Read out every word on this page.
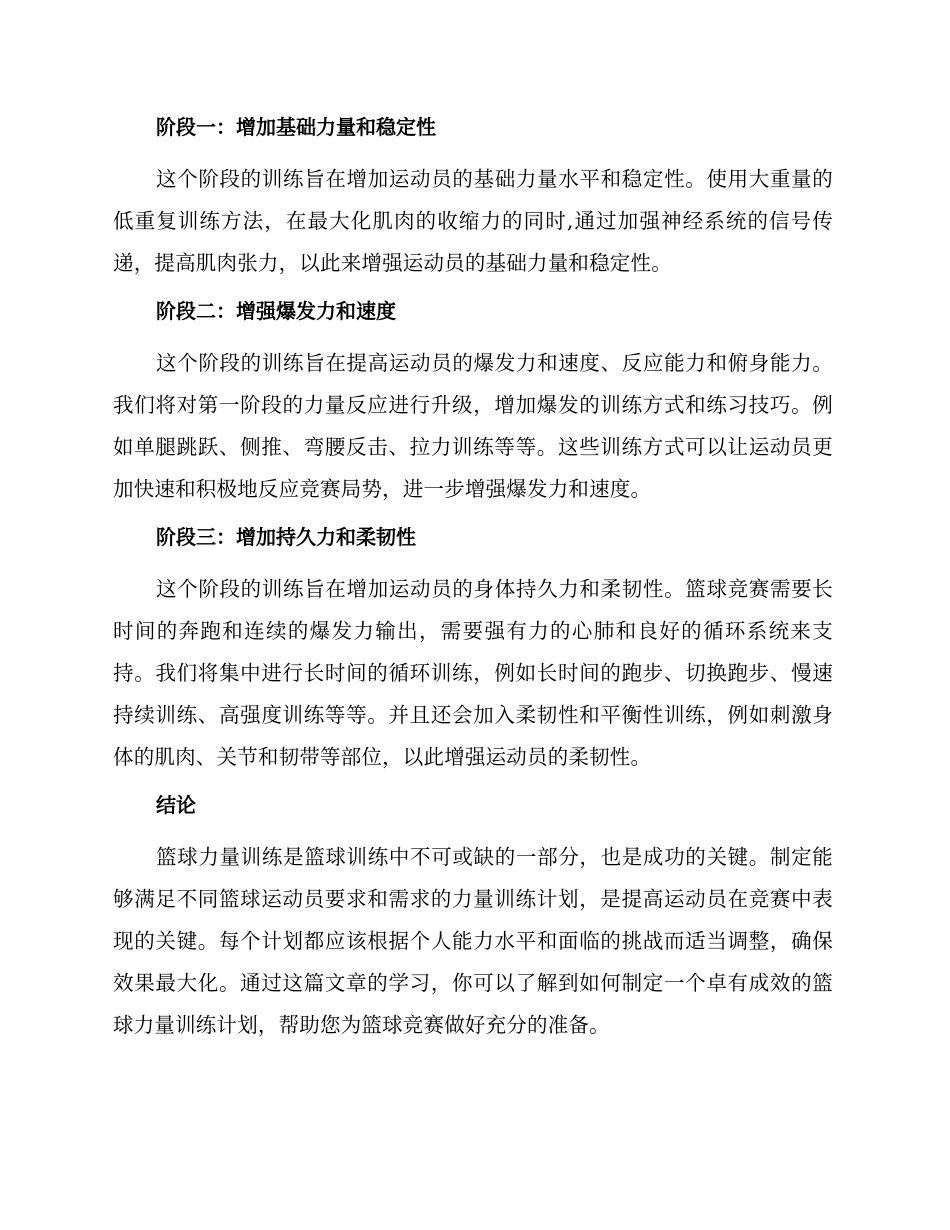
阶段一：增加基础力量和稳定性

这个阶段的训练旨在增加运动员的基础力量水平和稳定性。使用大重量的低重复训练方法，在最大化肌肉的收缩力的同时,通过加强神经系统的信号传递，提高肌肉张力，以此来增强运动员的基础力量和稳定性。

阶段二：增强爆发力和速度

这个阶段的训练旨在提高运动员的爆发力和速度、反应能力和俯身能力。我们将对第一阶段的力量反应进行升级，增加爆发的训练方式和练习技巧。例如单腿跳跃、侧推、弯腰反击、拉力训练等等。这些训练方式可以让运动员更加快速和积极地反应竞赛局势，进一步增强爆发力和速度。

阶段三：增加持久力和柔韧性

这个阶段的训练旨在增加运动员的身体持久力和柔韧性。篮球竞赛需要长时间的奔跑和连续的爆发力输出，需要强有力的心肺和良好的循环系统来支持。我们将集中进行长时间的循环训练，例如长时间的跑步、切换跑步、慢速持续训练、高强度训练等等。并且还会加入柔韧性和平衡性训练，例如刺激身体的肌肉、关节和韧带等部位，以此增强运动员的柔韧性。

结论

篮球力量训练是篮球训练中不可或缺的一部分，也是成功的关键。制定能够满足不同篮球运动员要求和需求的力量训练计划，是提高运动员在竞赛中表现的关键。每个计划都应该根据个人能力水平和面临的挑战而适当调整，确保效果最大化。通过这篇文章的学习，你可以了解到如何制定一个卓有成效的篮球力量训练计划，帮助您为篮球竞赛做好充分的准备。
